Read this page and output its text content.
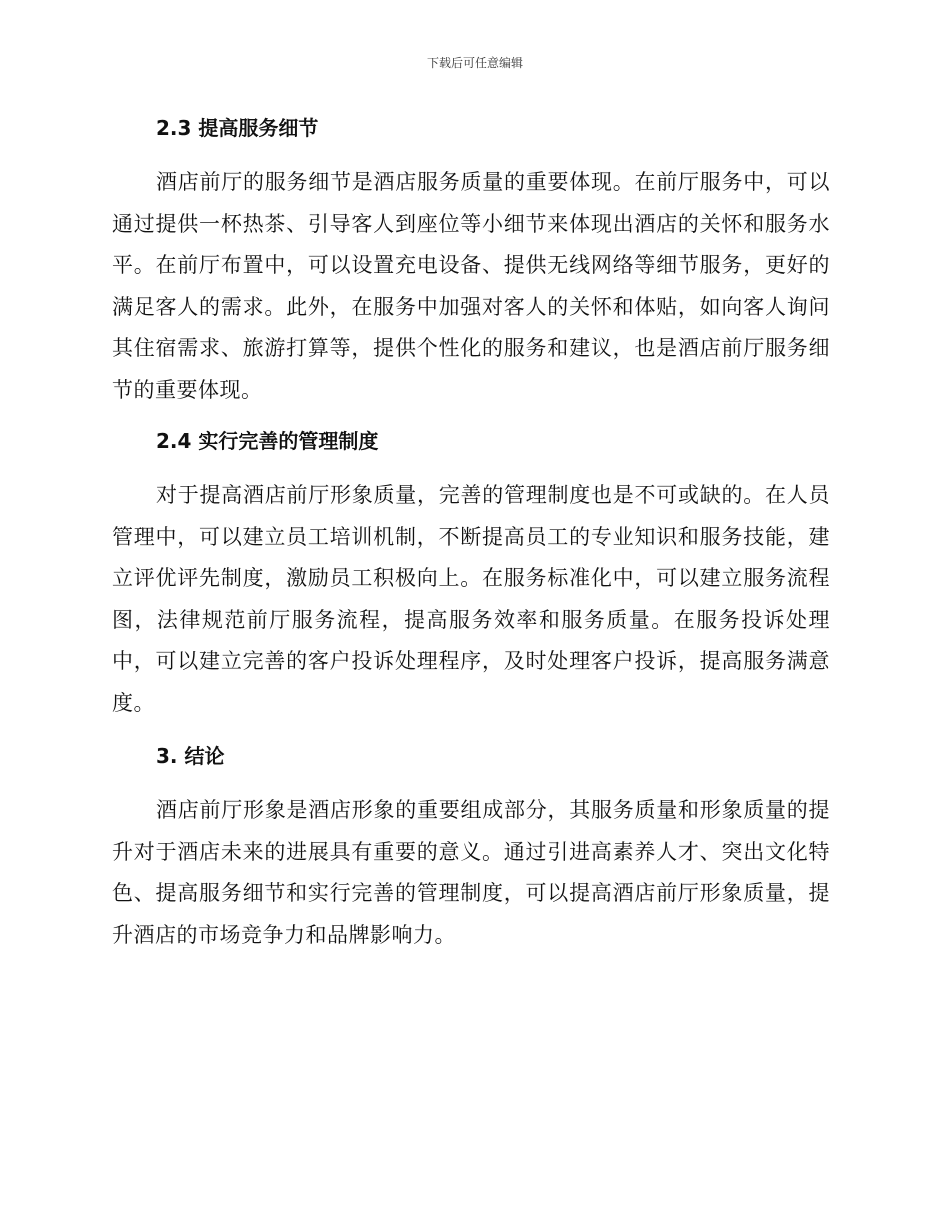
下载后可任意编辑
2.3 提高服务细节

酒店前厅的服务细节是酒店服务质量的重要体现。在前厅服务中，可以通过提供一杯热茶、引导客人到座位等小细节来体现出酒店的关怀和服务水平。在前厅布置中，可以设置充电设备、提供无线网络等细节服务，更好的满足客人的需求。此外，在服务中加强对客人的关怀和体贴，如向客人询问其住宿需求、旅游打算等，提供个性化的服务和建议，也是酒店前厅服务细节的重要体现。

2.4 实行完善的管理制度

对于提高酒店前厅形象质量，完善的管理制度也是不可或缺的。在人员管理中，可以建立员工培训机制，不断提高员工的专业知识和服务技能，建立评优评先制度，激励员工积极向上。在服务标准化中，可以建立服务流程图，法律规范前厅服务流程，提高服务效率和服务质量。在服务投诉处理中，可以建立完善的客户投诉处理程序，及时处理客户投诉，提高服务满意度。

3. 结论

酒店前厅形象是酒店形象的重要组成部分，其服务质量和形象质量的提升对于酒店未来的进展具有重要的意义。通过引进高素养人才、突出文化特色、提高服务细节和实行完善的管理制度，可以提高酒店前厅形象质量，提升酒店的市场竞争力和品牌影响力。
